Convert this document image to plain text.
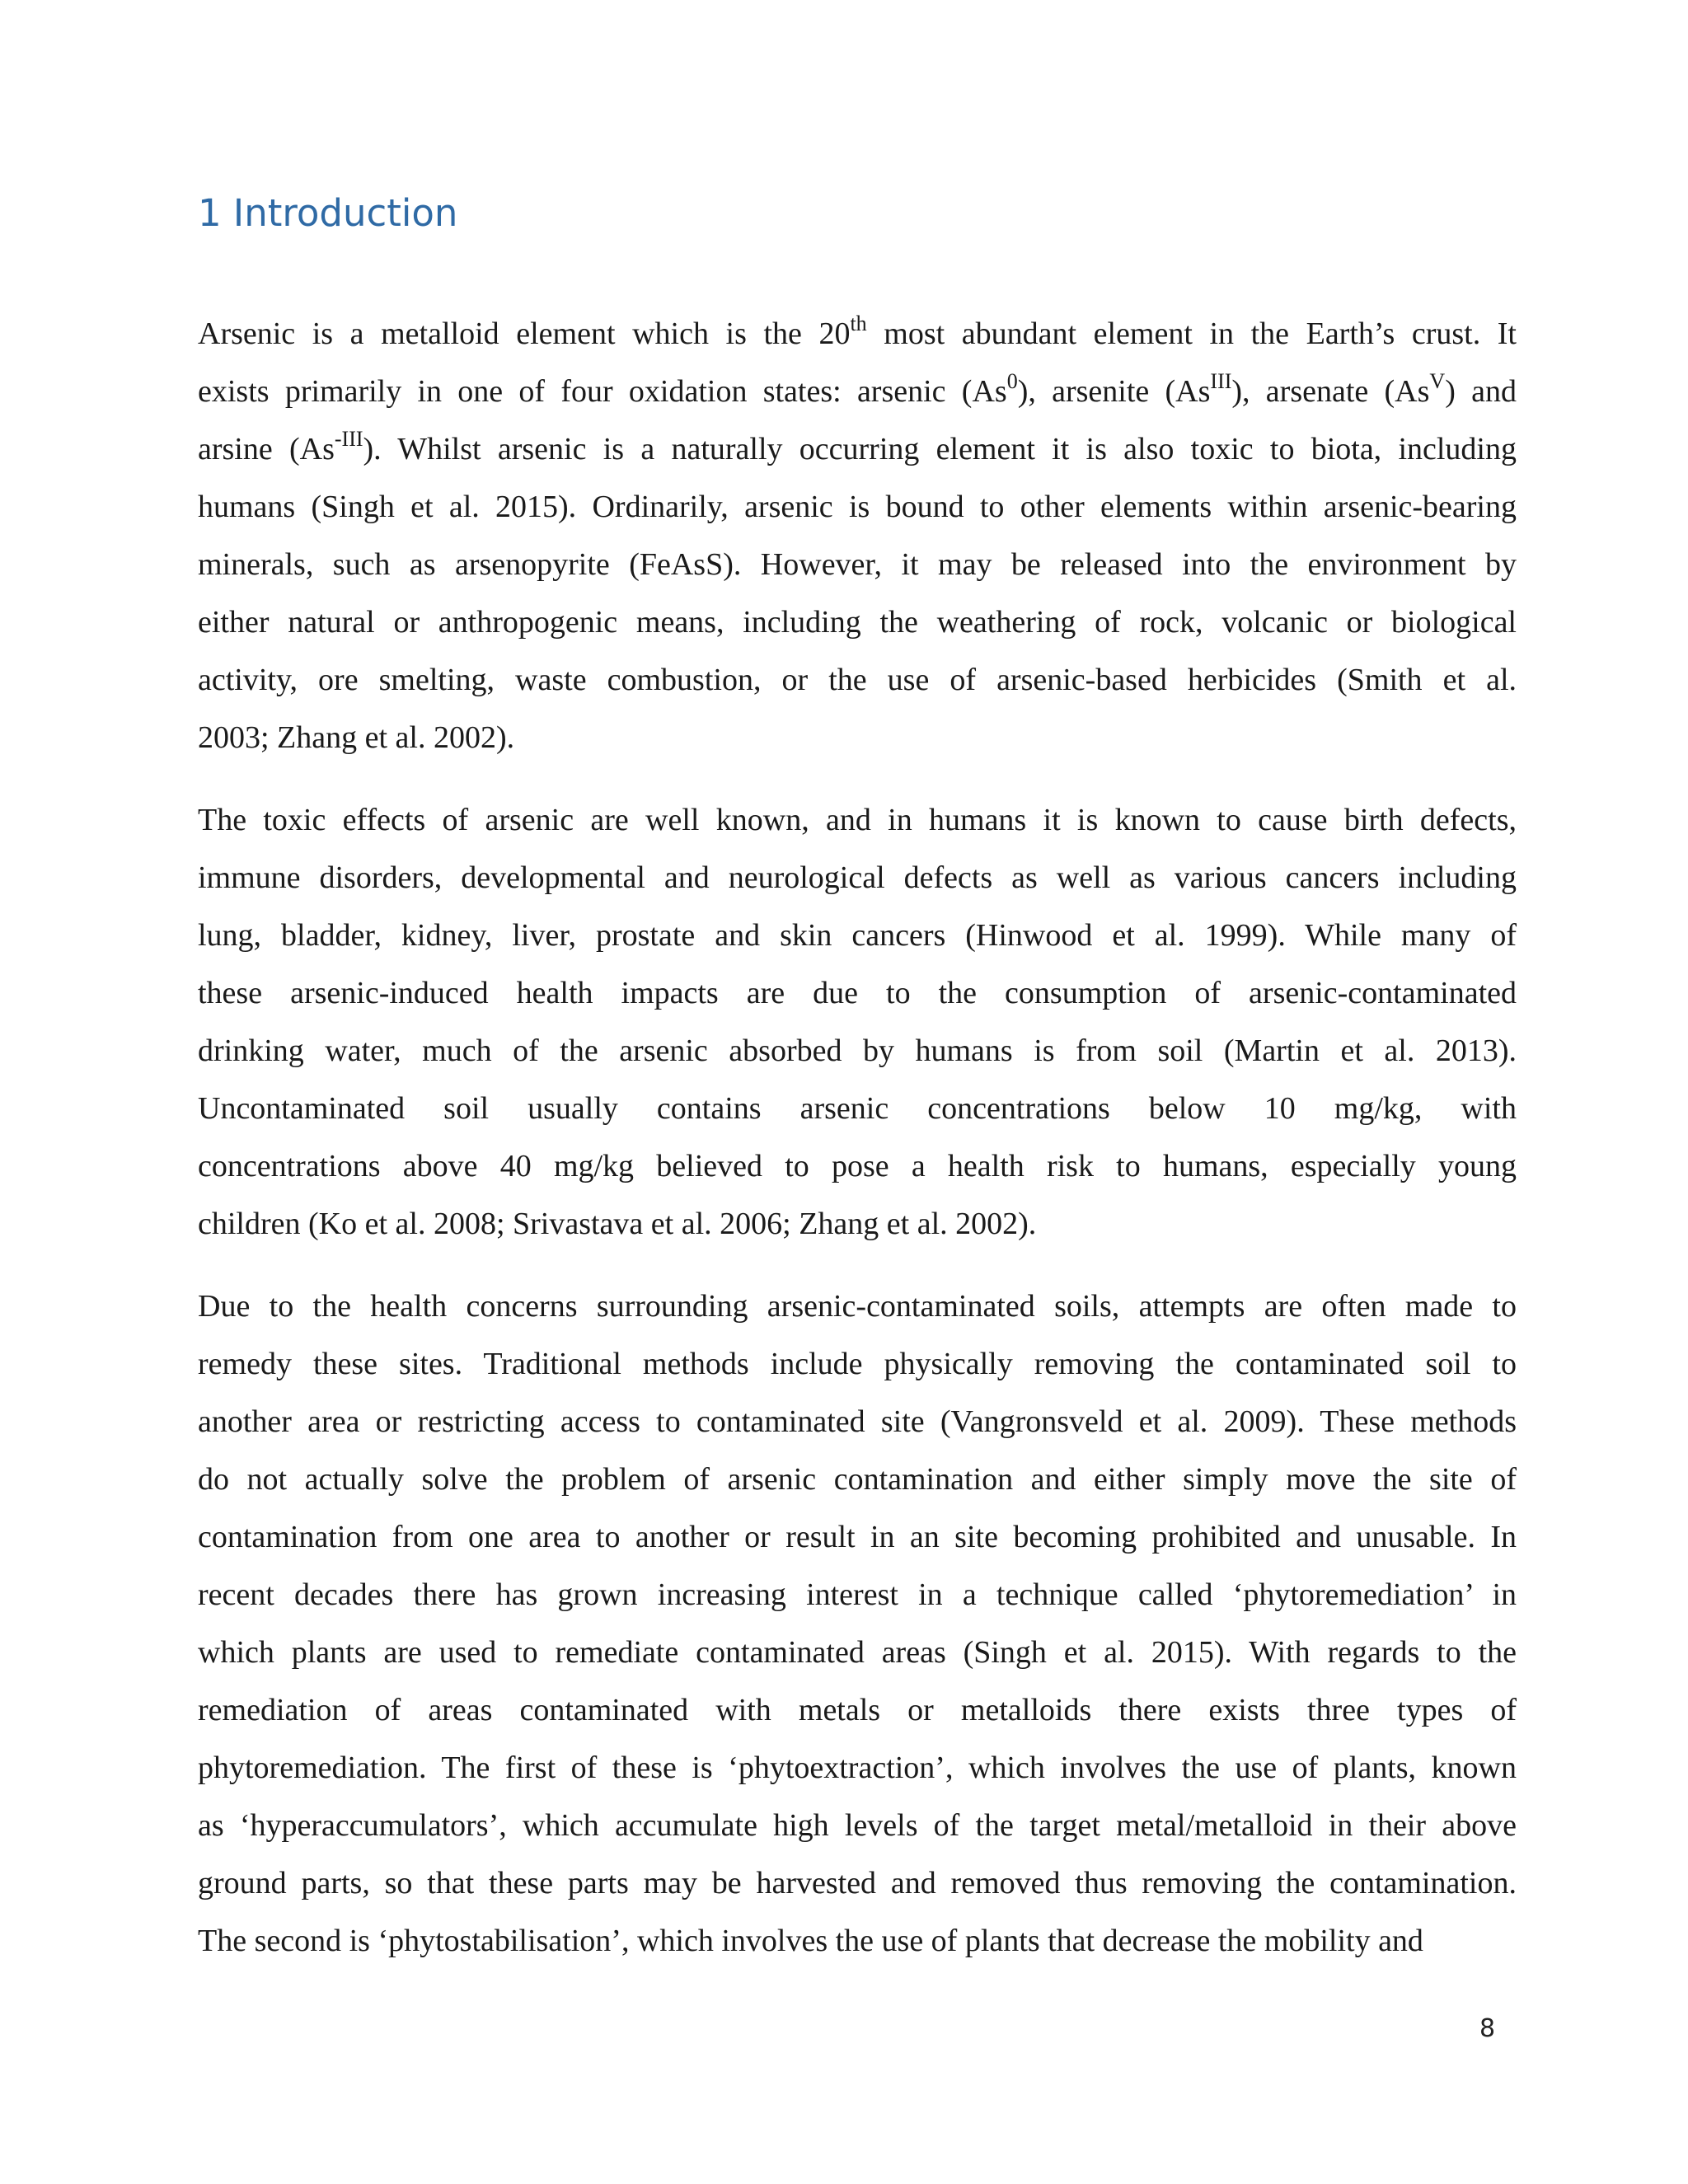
1 Introduction

Arsenic is a metalloid element which is the 20th most abundant element in the Earth’s crust. It
exists primarily in one of four oxidation states: arsenic (As$^0$), arsenite $(As^{III})$, arsenate $(As^V)$ and
arsine $(As^{-III})$. Whilst arsenic is a naturally occurring element it is also toxic to biota, including
humans (Singh et al. 2015). Ordinarily, arsenic is bound to other elements within arsenic-bearing
minerals, such as arsenopyrite (FeAsS). However, it may be released into the environment by
either natural or anthropogenic means, including the weathering of rock, volcanic or biological
activity, ore smelting, waste combustion, or the use of arsenic-based herbicides (Smith et al.
2003; Zhang et al. 2002).

The toxic effects of arsenic are well known, and in humans it is known to cause birth defects,
immune disorders, developmental and neurological defects as well as various cancers including
lung, bladder, kidney, liver, prostate and skin cancers (Hinwood et al. 1999). While many of
these arsenic-induced health impacts are due to the consumption of arsenic-contaminated
drinking water, much of the arsenic absorbed by humans is from soil (Martin et al. 2013).
Uncontaminated soil usually contains arsenic concentrations below 10 mg/kg, with
concentrations above 40 mg/kg believed to pose a health risk to humans, especially young
children (Ko et al. 2008; Srivastava et al. 2006; Zhang et al. 2002).

Due to the health concerns surrounding arsenic-contaminated soils, attempts are often made to
remedy these sites. Traditional methods include physically removing the contaminated soil to
another area or restricting access to contaminated site (Vangronsveld et al. 2009). These methods
do not actually solve the problem of arsenic contamination and either simply move the site of
contamination from one area to another or result in an site becoming prohibited and unusable. In
recent decades there has grown increasing interest in a technique called ‘phytoremediation’ in
which plants are used to remediate contaminated areas (Singh et al. 2015). With regards to the
remediation of areas contaminated with metals or metalloids there exists three types of
phytoremediation. The first of these is ‘phytoextraction’, which involves the use of plants, known
as ‘hyperaccumulators’, which accumulate high levels of the target metal/metalloid in their above
ground parts, so that these parts may be harvested and removed thus removing the contamination.
The second is ‘phytostabilisation’, which involves the use of plants that decrease the mobility and

8
